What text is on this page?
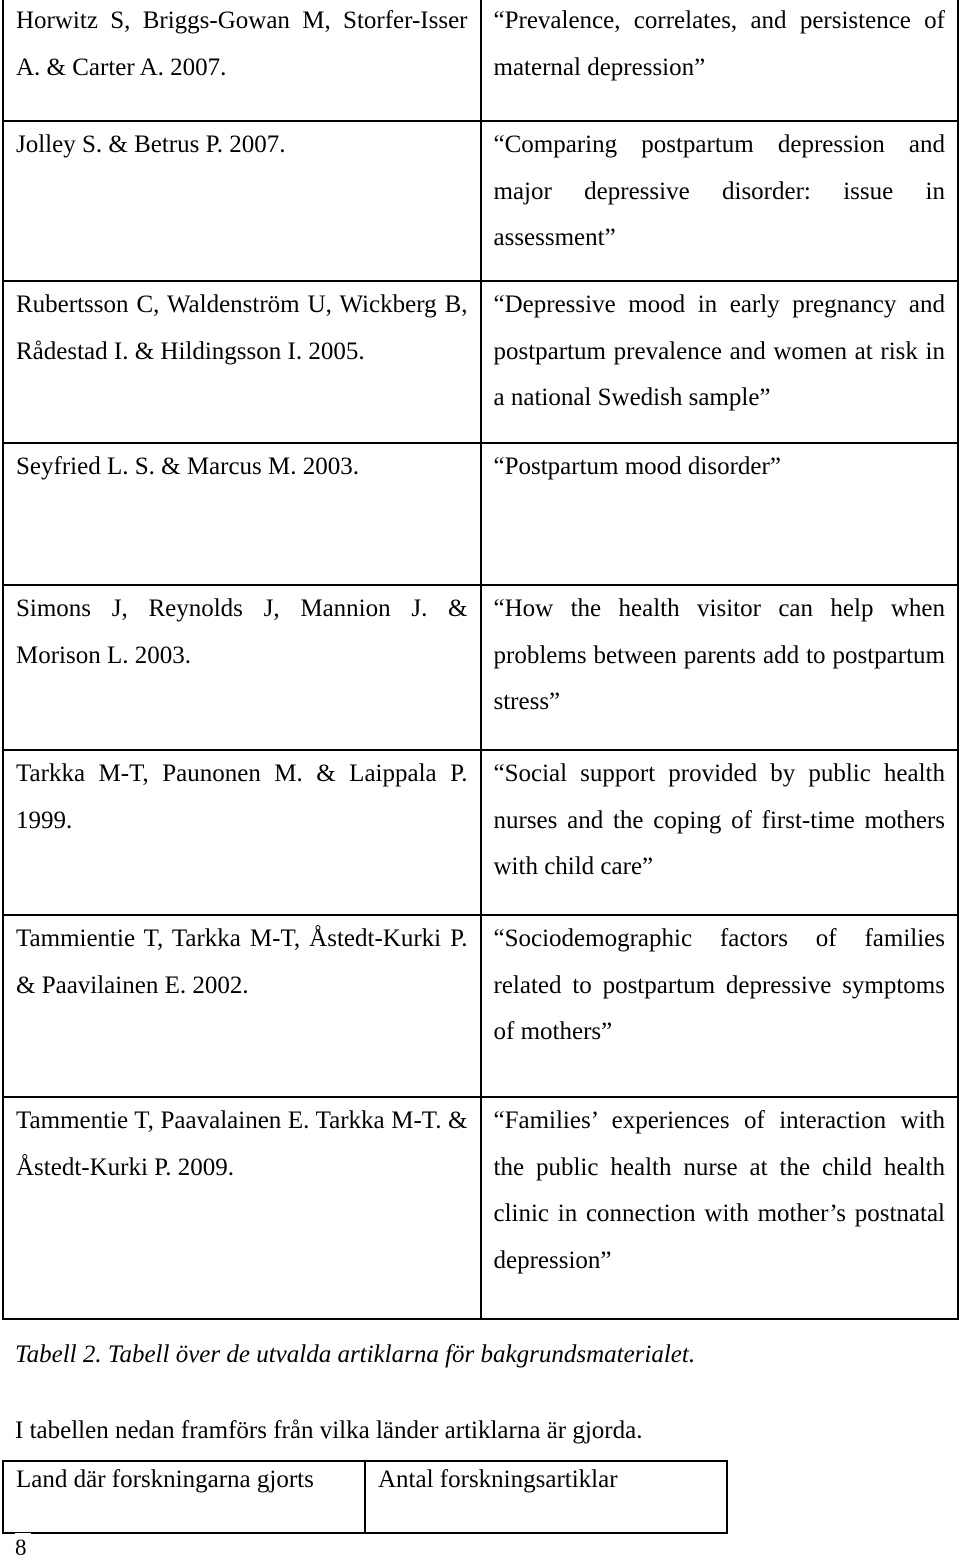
Horwitz S, Briggs-Gowan M, Storfer-Isser A. & Carter A. 2007.	“Prevalence, correlates, and persistence of maternal depression”

Jolley S. & Betrus P. 2007.	“Comparing postpartum depression and major depressive disorder: issue in assessment”

Rubertsson C, Waldenström U, Wickberg B, Rådestad I. & Hildingsson I. 2005.	“Depressive mood in early pregnancy and postpartum prevalence and women at risk in a national Swedish sample”

Seyfried L. S. & Marcus M. 2003.	“Postpartum mood disorder”

Simons J, Reynolds J, Mannion J. & Morison L. 2003.	“How the health visitor can help when problems between parents add to postpartum stress”

Tarkka M-T, Paunonen M. & Laippala P. 1999.	“Social support provided by public health nurses and the coping of first-time mothers with child care”

Tammientie T, Tarkka M-T, Åstedt-Kurki P. & Paavilainen E. 2002.	“Sociodemographic factors of families related to postpartum depressive symptoms of mothers”

Tammentie T, Paavalainen E. Tarkka M-T. & Åstedt-Kurki P. 2009.	“Families’ experiences of interaction with the public health nurse at the child health clinic in connection with mother’s postnatal depression”
Tabell 2. Tabell över de utvalda artiklarna för bakgrundsmaterialet.
I tabellen nedan framförs från vilka länder artiklarna är gjorda.
Land där forskningarna gjorts	Antal forskningsartiklar
8
